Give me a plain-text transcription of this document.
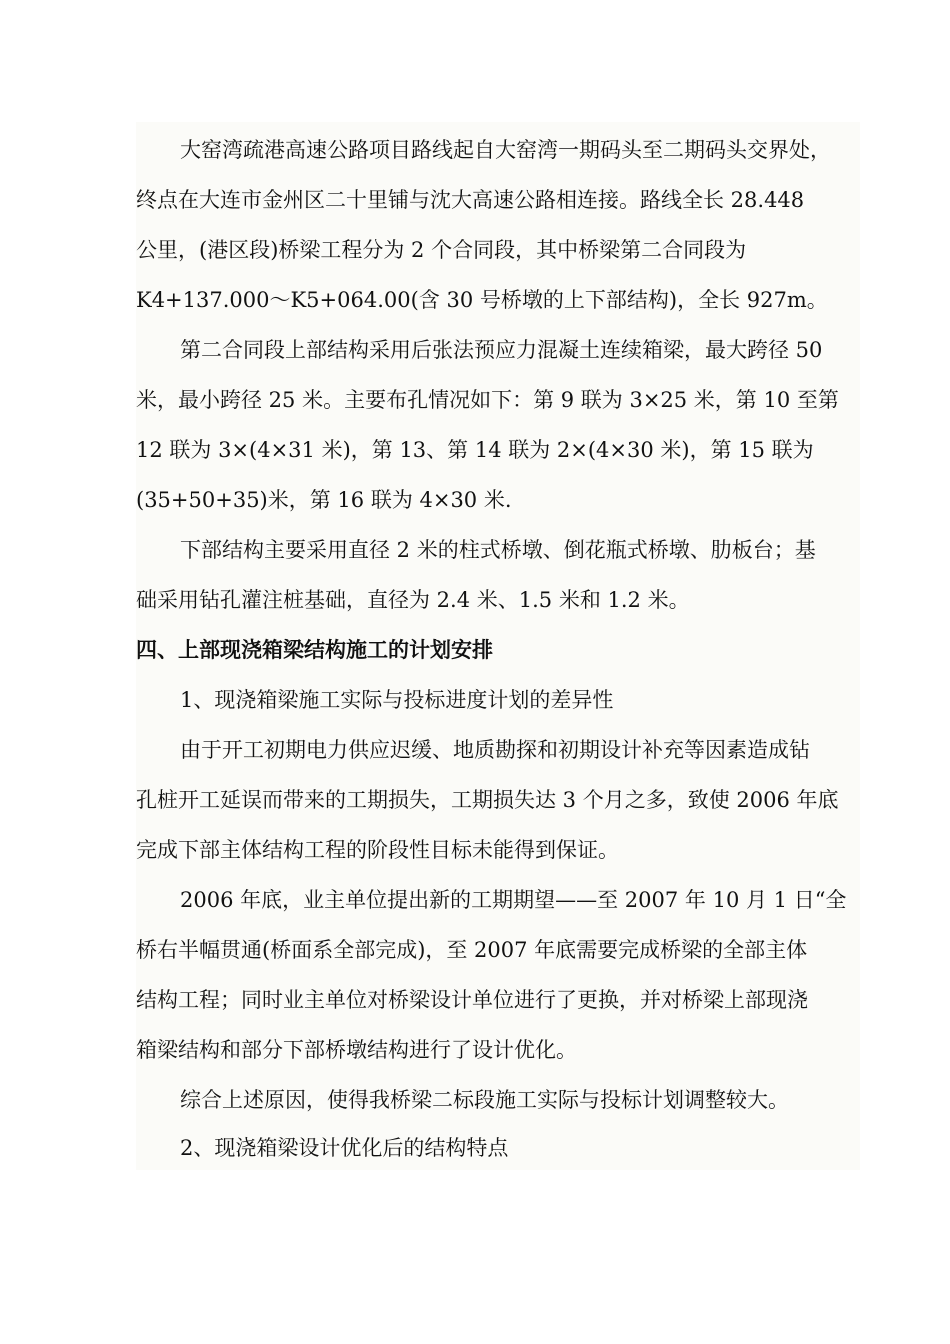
大窑湾疏港高速公路项目路线起自大窑湾一期码头至二期码头交界处，
终点在大连市金州区二十里铺与沈大高速公路相连接。路线全长 28.448
公里，(港区段)桥梁工程分为 2 个合同段，其中桥梁第二合同段为
K4+137.000～K5+064.00(含 30 号桥墩的上下部结构)，全长 927m。
第二合同段上部结构采用后张法预应力混凝土连续箱梁，最大跨径 50
米，最小跨径 25 米。主要布孔情况如下：第 9 联为 3×25 米，第 10 至第
12 联为 3×(4×31 米)，第 13、第 14 联为 2×(4×30 米)，第 15 联为
(35+50+35)米，第 16 联为 4×30 米.
下部结构主要采用直径 2 米的柱式桥墩、倒花瓶式桥墩、肋板台；基
础采用钻孔灌注桩基础，直径为 2.4 米、1.5 米和 1.2 米。
四、上部现浇箱梁结构施工的计划安排
1、现浇箱梁施工实际与投标进度计划的差异性
由于开工初期电力供应迟缓、地质勘探和初期设计补充等因素造成钻
孔桩开工延误而带来的工期损失，工期损失达 3 个月之多，致使 2006 年底
完成下部主体结构工程的阶段性目标未能得到保证。
2006 年底，业主单位提出新的工期期望——至 2007 年 10 月 1 日“全
桥右半幅贯通(桥面系全部完成)，至 2007 年底需要完成桥梁的全部主体
结构工程；同时业主单位对桥梁设计单位进行了更换，并对桥梁上部现浇
箱梁结构和部分下部桥墩结构进行了设计优化。
综合上述原因，使得我桥梁二标段施工实际与投标计划调整较大。
2、现浇箱梁设计优化后的结构特点
